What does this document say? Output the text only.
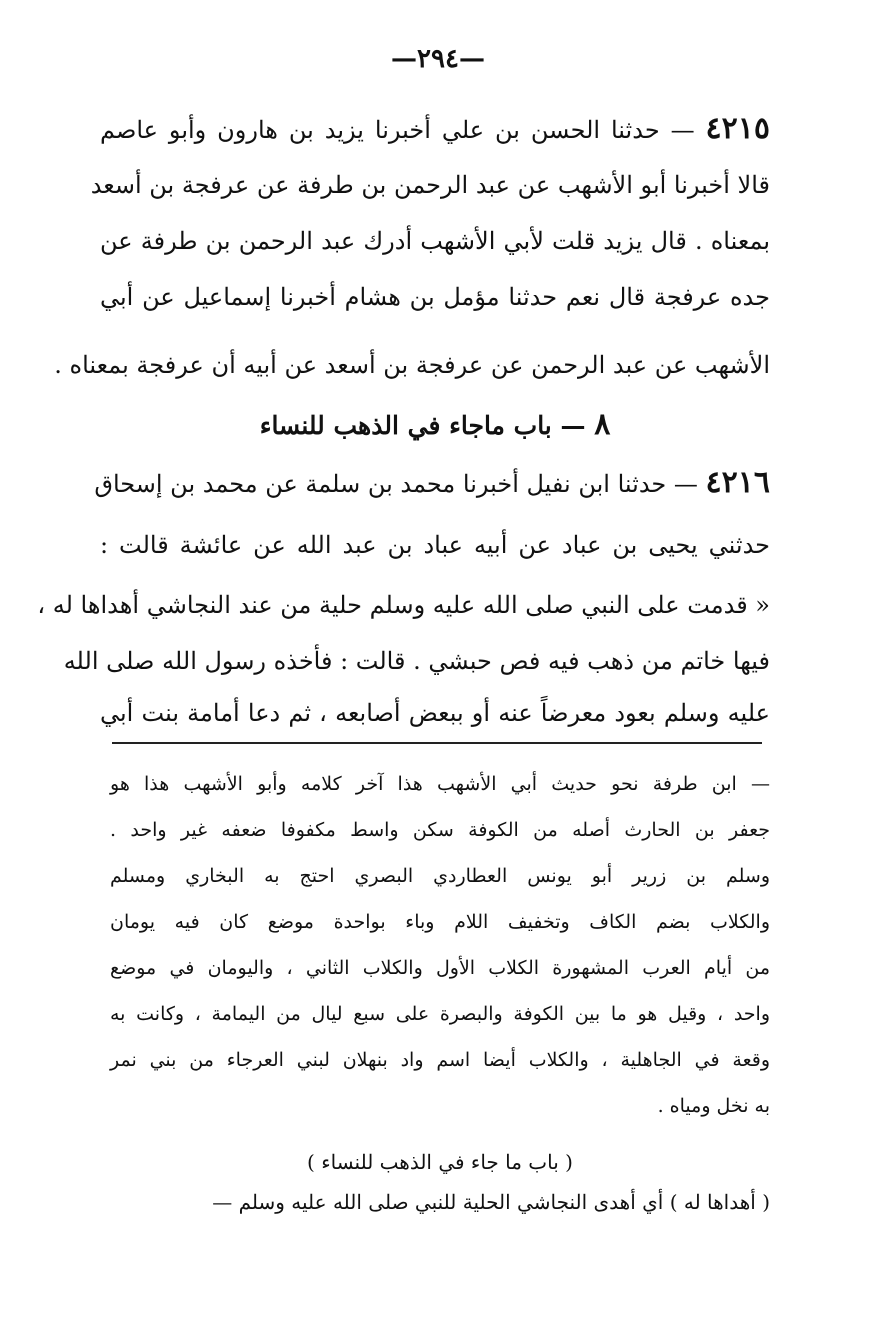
—٢٩٤—
٤٢١٥ — حدثنا الحسن بن علي أخبرنا يزيد بن هارون وأبو عاصم
قالا أخبرنا أبو الأشهب عن عبد الرحمن بن طرفة عن عرفجة بن أسعد
بمعناه . قال يزيد قلت لأبي الأشهب أدرك عبد الرحمن بن طرفة عن
جده عرفجة قال نعم حدثنا مؤمل بن هشام أخبرنا إسماعيل عن أبي
الأشهب عن عبد الرحمن عن عرفجة بن أسعد عن أبيه أن عرفجة بمعناه .
٨ — باب ماجاء في الذهب للنساء
٤٢١٦ — حدثنا ابن نفيل أخبرنا محمد بن سلمة عن محمد بن إسحاق
حدثني يحيى بن عباد عن أبيه عباد بن عبد الله عن عائشة قالت :
« قدمت على النبي صلى الله عليه وسلم حلية من عند النجاشي أهداها له ،
فيها خاتم من ذهب فيه فص حبشي . قالت : فأخذه رسول الله صلى الله
عليه وسلم بعود معرضاً عنه أو ببعض أصابعه ، ثم دعا أمامة بنت أبي
— ابن طرفة نحو حديث أبي الأشهب هذا آخر كلامه وأبو الأشهب هذا هو
جعفر بن الحارث أصله من الكوفة سكن واسط مكفوفا ضعفه غير واحد .
وسلم بن زرير أبو يونس العطاردي البصري احتج به البخاري ومسلم
والكلاب بضم الكاف وتخفيف اللام وباء بواحدة موضع كان فيه يومان
من أيام العرب المشهورة الكلاب الأول والكلاب الثاني ، واليومان في موضع
واحد ، وقيل هو ما بين الكوفة والبصرة على سبع ليال من اليمامة ، وكانت به
وقعة في الجاهلية ، والكلاب أيضا اسم واد بنهلان لبني العرجاء من بني نمر
به نخل ومياه .
( باب ما جاء في الذهب للنساء )
( أهداها له ) أي أهدى النجاشي الحلية للنبي صلى الله عليه وسلم —
